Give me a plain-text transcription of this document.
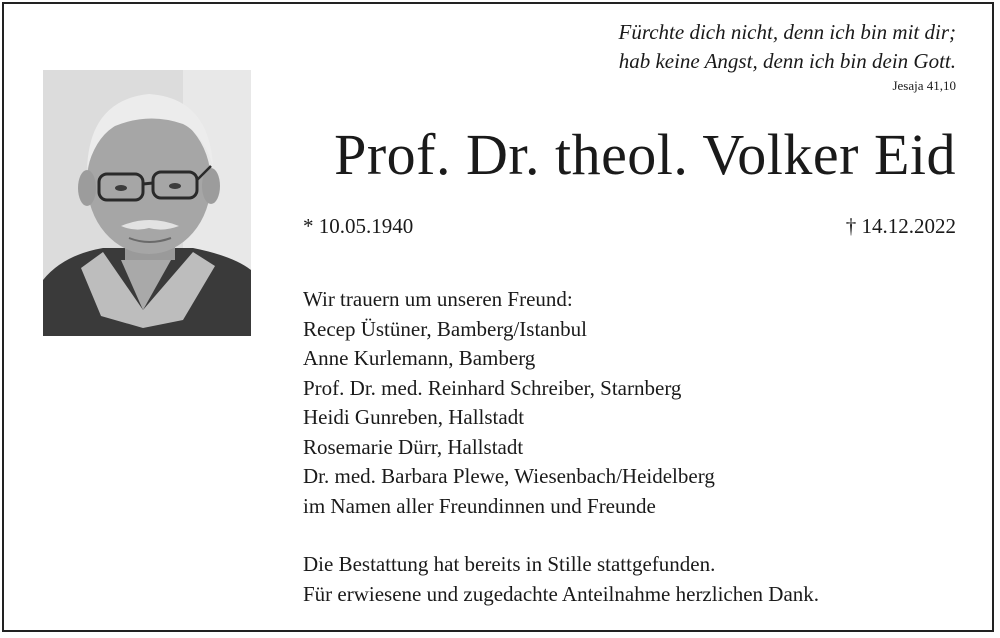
Fürchte dich nicht, denn ich bin mit dir;
hab keine Angst, denn ich bin dein Gott.
Jesaja 41,10
Prof. Dr. theol. Volker Eid
* 10.05.1940	† 14.12.2022
Wir trauern um unseren Freund:
Recep Üstüner, Bamberg/Istanbul
Anne Kurlemann, Bamberg
Prof. Dr. med. Reinhard Schreiber, Starnberg
Heidi Gunreben, Hallstadt
Rosemarie Dürr, Hallstadt
Dr. med. Barbara Plewe, Wiesenbach/Heidelberg
im Namen aller Freundinnen und Freunde
Die Bestattung hat bereits in Stille stattgefunden.
Für erwiesene und zugedachte Anteilnahme herzlichen Dank.
